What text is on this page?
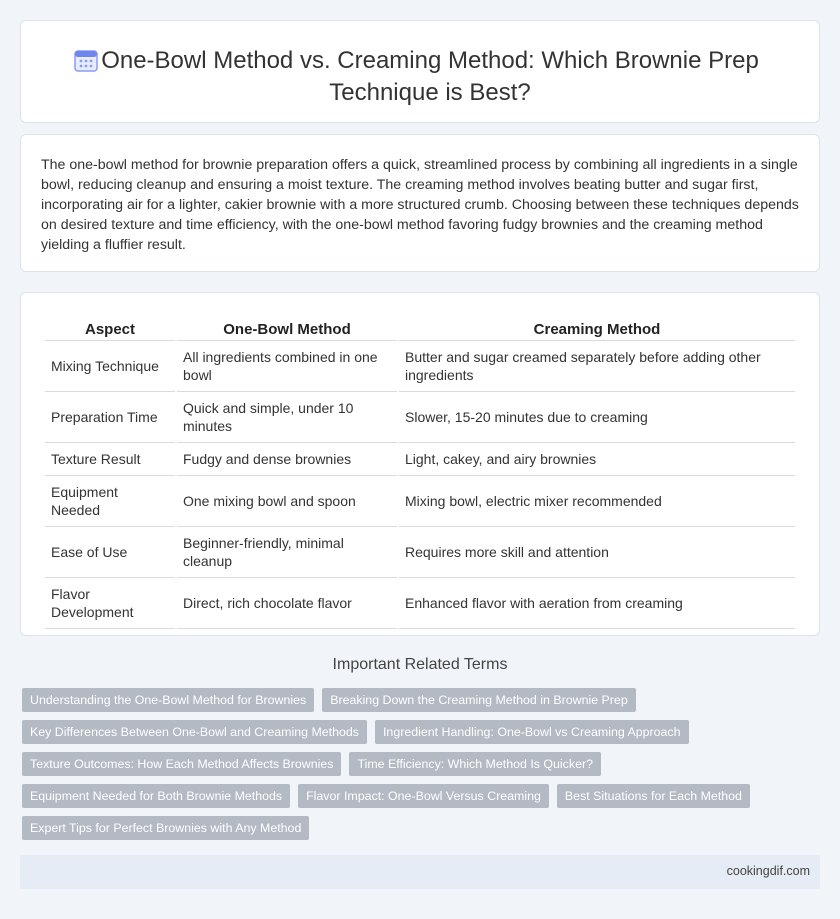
One-Bowl Method vs. Creaming Method: Which Brownie Prep Technique is Best?

The one-bowl method for brownie preparation offers a quick, streamlined process by combining all ingredients in a single bowl, reducing cleanup and ensuring a moist texture. The creaming method involves beating butter and sugar first, incorporating air for a lighter, cakier brownie with a more structured crumb. Choosing between these techniques depends on desired texture and time efficiency, with the one-bowl method favoring fudgy brownies and the creaming method yielding a fluffier result.

Aspect	One-Bowl Method	Creaming Method
Mixing Technique	All ingredients combined in one bowl	Butter and sugar creamed separately before adding other ingredients
Preparation Time	Quick and simple, under 10 minutes	Slower, 15-20 minutes due to creaming
Texture Result	Fudgy and dense brownies	Light, cakey, and airy brownies
Equipment Needed	One mixing bowl and spoon	Mixing bowl, electric mixer recommended
Ease of Use	Beginner-friendly, minimal cleanup	Requires more skill and attention
Flavor Development	Direct, rich chocolate flavor	Enhanced flavor with aeration from creaming
Important Related Terms
Understanding the One-Bowl Method for Brownies	Breaking Down the Creaming Method in Brownie Prep
Key Differences Between One-Bowl and Creaming Methods	Ingredient Handling: One-Bowl vs Creaming Approach
Texture Outcomes: How Each Method Affects Brownies	Time Efficiency: Which Method Is Quicker?
Equipment Needed for Both Brownie Methods	Flavor Impact: One-Bowl Versus Creaming	Best Situations for Each Method
Expert Tips for Perfect Brownies with Any Method
cookingdif.com
